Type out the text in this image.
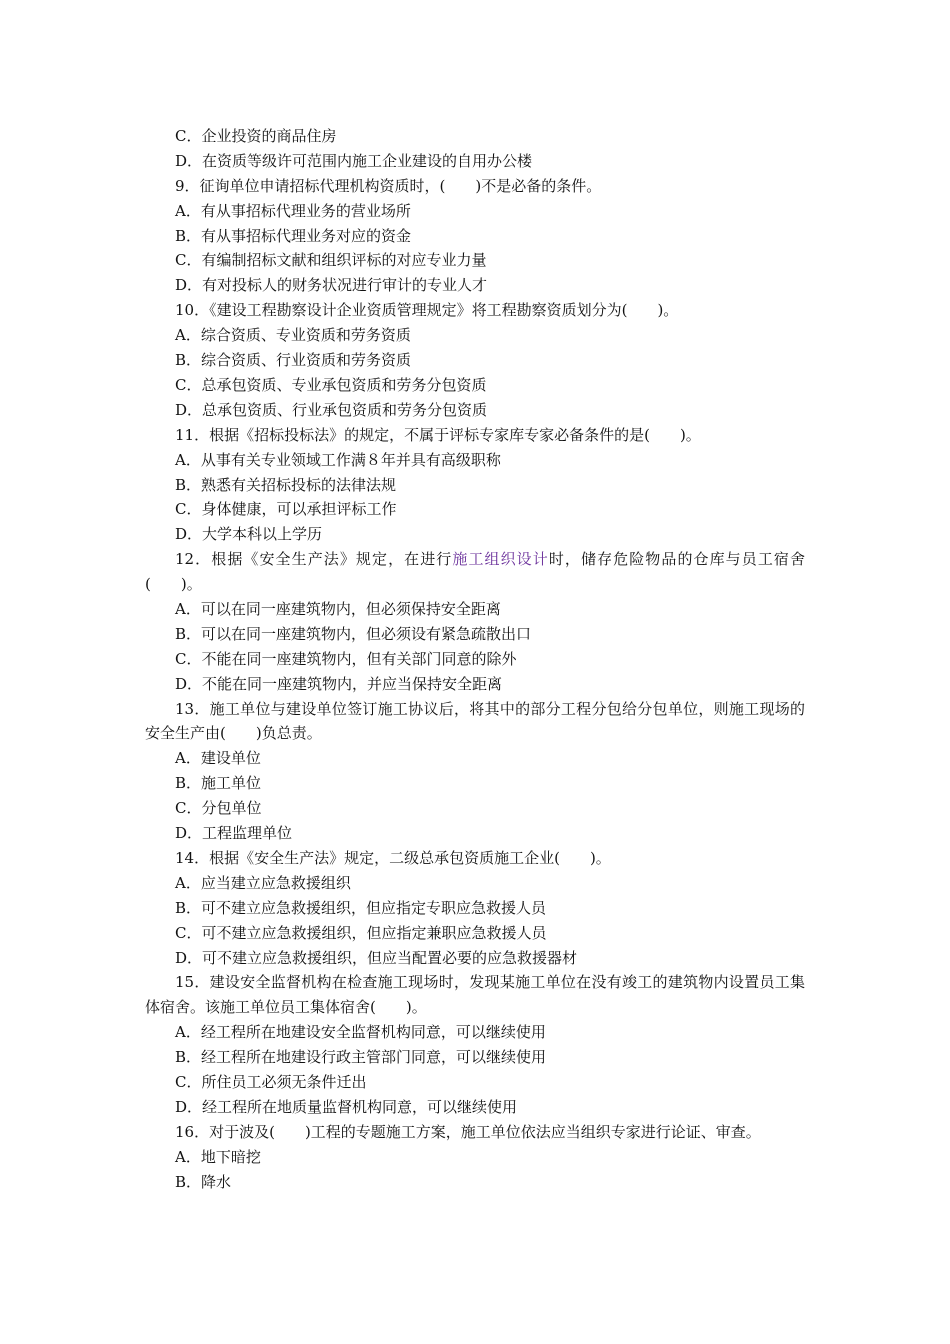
C．企业投资的商品住房
D．在资质等级许可范围内施工企业建设的自用办公楼
9．征询单位申请招标代理机构资质时，(　　)不是必备的条件。
A．有从事招标代理业务的营业场所
B．有从事招标代理业务对应的资金
C．有编制招标文献和组织评标的对应专业力量
D．有对投标人的财务状况进行审计的专业人才
10．《建设工程勘察设计企业资质管理规定》将工程勘察资质划分为(　　)。
A．综合资质、专业资质和劳务资质
B．综合资质、行业资质和劳务资质
C．总承包资质、专业承包资质和劳务分包资质
D．总承包资质、行业承包资质和劳务分包资质
11．根据《招标投标法》的规定，不属于评标专家库专家必备条件的是(　　)。
A．从事有关专业领域工作满８年并具有高级职称
B．熟悉有关招标投标的法律法规
C．身体健康，可以承担评标工作
D．大学本科以上学历
12．根据《安全生产法》规定，在进行施工组织设计时，储存危险物品的仓库与员工宿舍(　　)。
A．可以在同一座建筑物内，但必须保持安全距离
B．可以在同一座建筑物内，但必须设有紧急疏散出口
C．不能在同一座建筑物内，但有关部门同意的除外
D．不能在同一座建筑物内，并应当保持安全距离
13．施工单位与建设单位签订施工协议后，将其中的部分工程分包给分包单位，则施工现场的安全生产由(　　)负总责。
A．建设单位
B．施工单位
C．分包单位
D．工程监理单位
14．根据《安全生产法》规定，二级总承包资质施工企业(　　)。
A．应当建立应急救援组织
B．可不建立应急救援组织，但应指定专职应急救援人员
C．可不建立应急救援组织，但应指定兼职应急救援人员
D．可不建立应急救援组织，但应当配置必要的应急救援器材
15．建设安全监督机构在检查施工现场时，发现某施工单位在没有竣工的建筑物内设置员工集体宿舍。该施工单位员工集体宿舍(　　)。
A．经工程所在地建设安全监督机构同意，可以继续使用
B．经工程所在地建设行政主管部门同意，可以继续使用
C．所住员工必须无条件迁出
D．经工程所在地质量监督机构同意，可以继续使用
16．对于波及(　　)工程的专题施工方案，施工单位依法应当组织专家进行论证、审查。
A．地下暗挖
B．降水
